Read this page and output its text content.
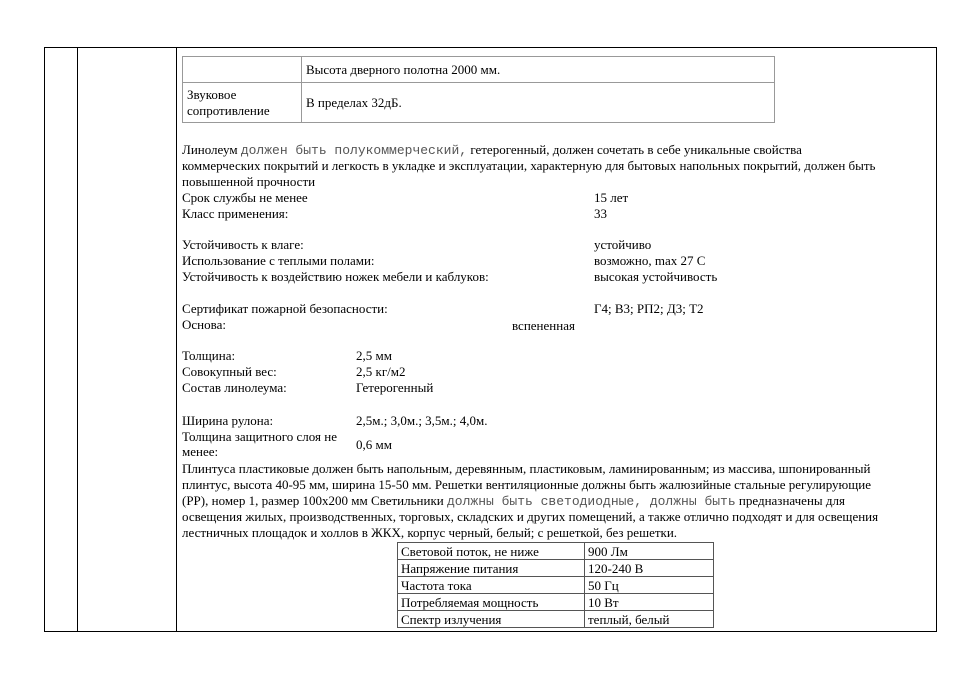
	Высота дверного полотна 2000 мм.
Звуковое сопротивление	В пределах 32дБ.
Линолеум должен быть полукоммерческий, гетерогенный, должен сочетать в себе уникальные свойства
коммерческих покрытий и легкость в укладке и эксплуатации, характерную для бытовых напольных покрытий, должен быть
повышенной прочности
Срок службы не менее	15 лет
Класс применения:	33
Устойчивость к влаге:	устойчиво
Использование с теплыми полами:	возможно, max 27 С
Устойчивость к воздействию ножек мебели и каблуков:	высокая устойчивость
Сертификат пожарной безопасности:	Г4; В3; РП2; Д3; Т2
Основа:	вспененная
Толщина:	2,5 мм
Совокупный вес:	2,5 кг/м2
Состав линолеума:	Гетерогенный
Ширина рулона:	2,5м.; 3,0м.; 3,5м.; 4,0м.
Толщина защитного слоя не
менее:	0,6 мм
Плинтуса пластиковые должен быть напольным, деревянным, пластиковым, ламинированным; из массива, шпонированный
плинтус, высота 40-95 мм, ширина 15-50 мм. Решетки вентиляционные должны быть жалюзийные стальные регулирующие
(РР), номер 1, размер 100х200 мм Светильники должны быть светодиодные, должны быть предназначены для
освещения жилых, производственных, торговых, складских и других помещений, а также отлично подходят и для освещения
лестничных площадок и холлов в ЖКХ, корпус черный, белый; с решеткой, без решетки.
Световой поток, не ниже	900 Лм
Напряжение питания	120-240 В
Частота тока	50 Гц
Потребляемая мощность	10 Вт
Спектр излучения	теплый, белый
